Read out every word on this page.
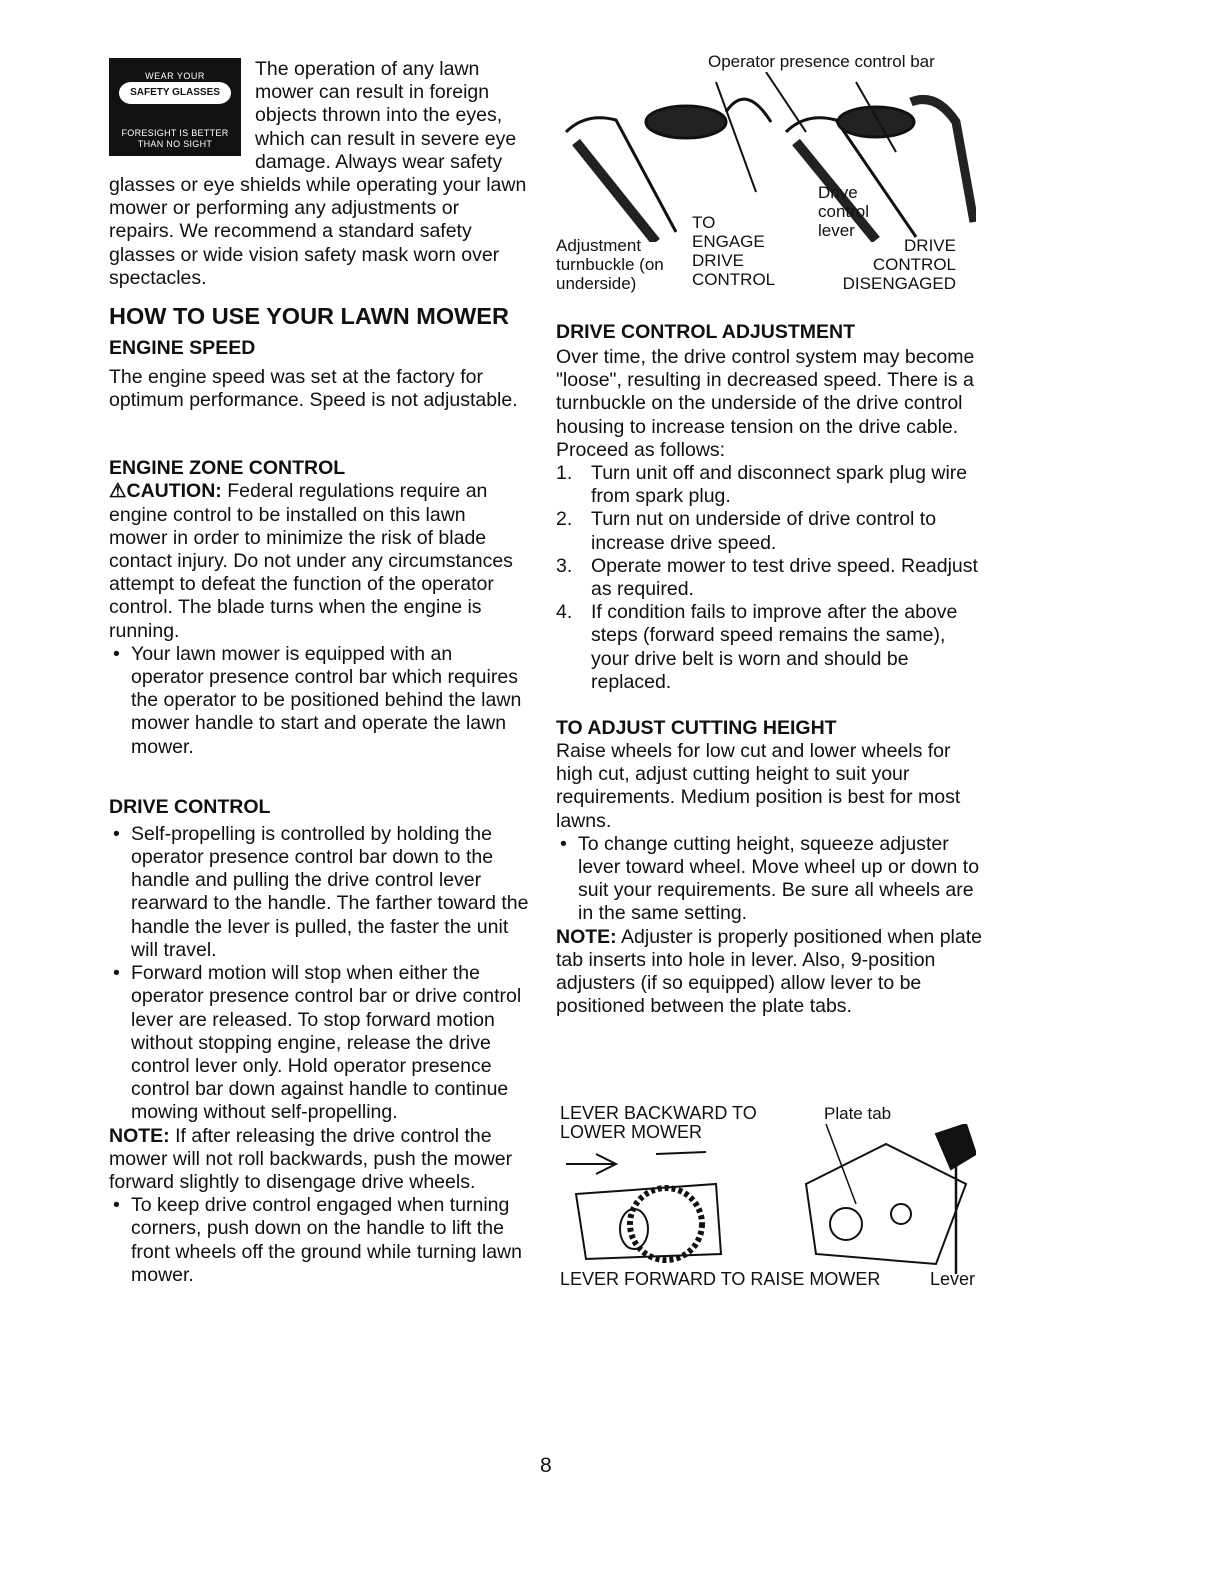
WEAR YOUR
SAFETY GLASSES
FORESIGHT IS BETTER
THAN NO SIGHT

The operation of any lawn mower can result in foreign objects thrown into the eyes, which can result in severe eye damage. Always wear safety glasses or eye shields while operating your lawn mower or performing any adjustments or repairs. We recommend a standard safety glasses or wide vision safety mask worn over spectacles.

HOW TO USE YOUR LAWN MOWER
ENGINE SPEED

The engine speed was set at the factory for optimum performance. Speed is not adjustable.

ENGINE ZONE CONTROL

⚠CAUTION: Federal regulations require an engine control to be installed on this lawn mower in order to minimize the risk of blade contact injury. Do not under any circumstances attempt to defeat the function of the operator control. The blade turns when the engine is running.

• Your lawn mower is equipped with an operator presence control bar which requires the operator to be positioned behind the lawn mower handle to start and operate the lawn mower.

DRIVE CONTROL

• Self-propelling is controlled by holding the operator presence control bar down to the handle and pulling the drive control lever rearward to the handle. The farther toward the handle the lever is pulled, the faster the unit will travel.

• Forward motion will stop when either the operator presence control bar or drive control lever are released. To stop forward motion without stopping engine, release the drive control lever only. Hold operator presence control bar down against handle to continue mowing without self-propelling.

NOTE: If after releasing the drive control the mower will not roll backwards, push the mower forward slightly to disengage drive wheels.

• To keep drive control engaged when turning corners, push down on the handle to lift the front wheels off the ground while turning lawn mower.

Operator presence control bar
Drive control lever
TO ENGAGE DRIVE CONTROL
Adjustment turnbuckle (on underside)
DRIVE CONTROL DISENGAGED
DRIVE CONTROL ADJUSTMENT

Over time, the drive control system may become "loose", resulting in decreased speed. There is a turnbuckle on the underside of the drive control housing to increase tension on the drive cable. Proceed as follows:

1. Turn unit off and disconnect spark plug wire from spark plug.

2. Turn nut on underside of drive control to increase drive speed.

3. Operate mower to test drive speed. Readjust as required.

4. If condition fails to improve after the above steps (forward speed remains the same), your drive belt is worn and should be replaced.

TO ADJUST CUTTING HEIGHT

Raise wheels for low cut and lower wheels for high cut, adjust cutting height to suit your requirements. Medium position is best for most lawns.

• To change cutting height, squeeze adjuster lever toward wheel. Move wheel up or down to suit your requirements. Be sure all wheels are in the same setting.

NOTE: Adjuster is properly positioned when plate tab inserts into hole in lever. Also, 9-position adjusters (if so equipped) allow lever to be positioned between the plate tabs.

LEVER BACKWARD TO LOWER MOWER
Plate tab
LEVER FORWARD TO RAISE MOWER	Lever
8
